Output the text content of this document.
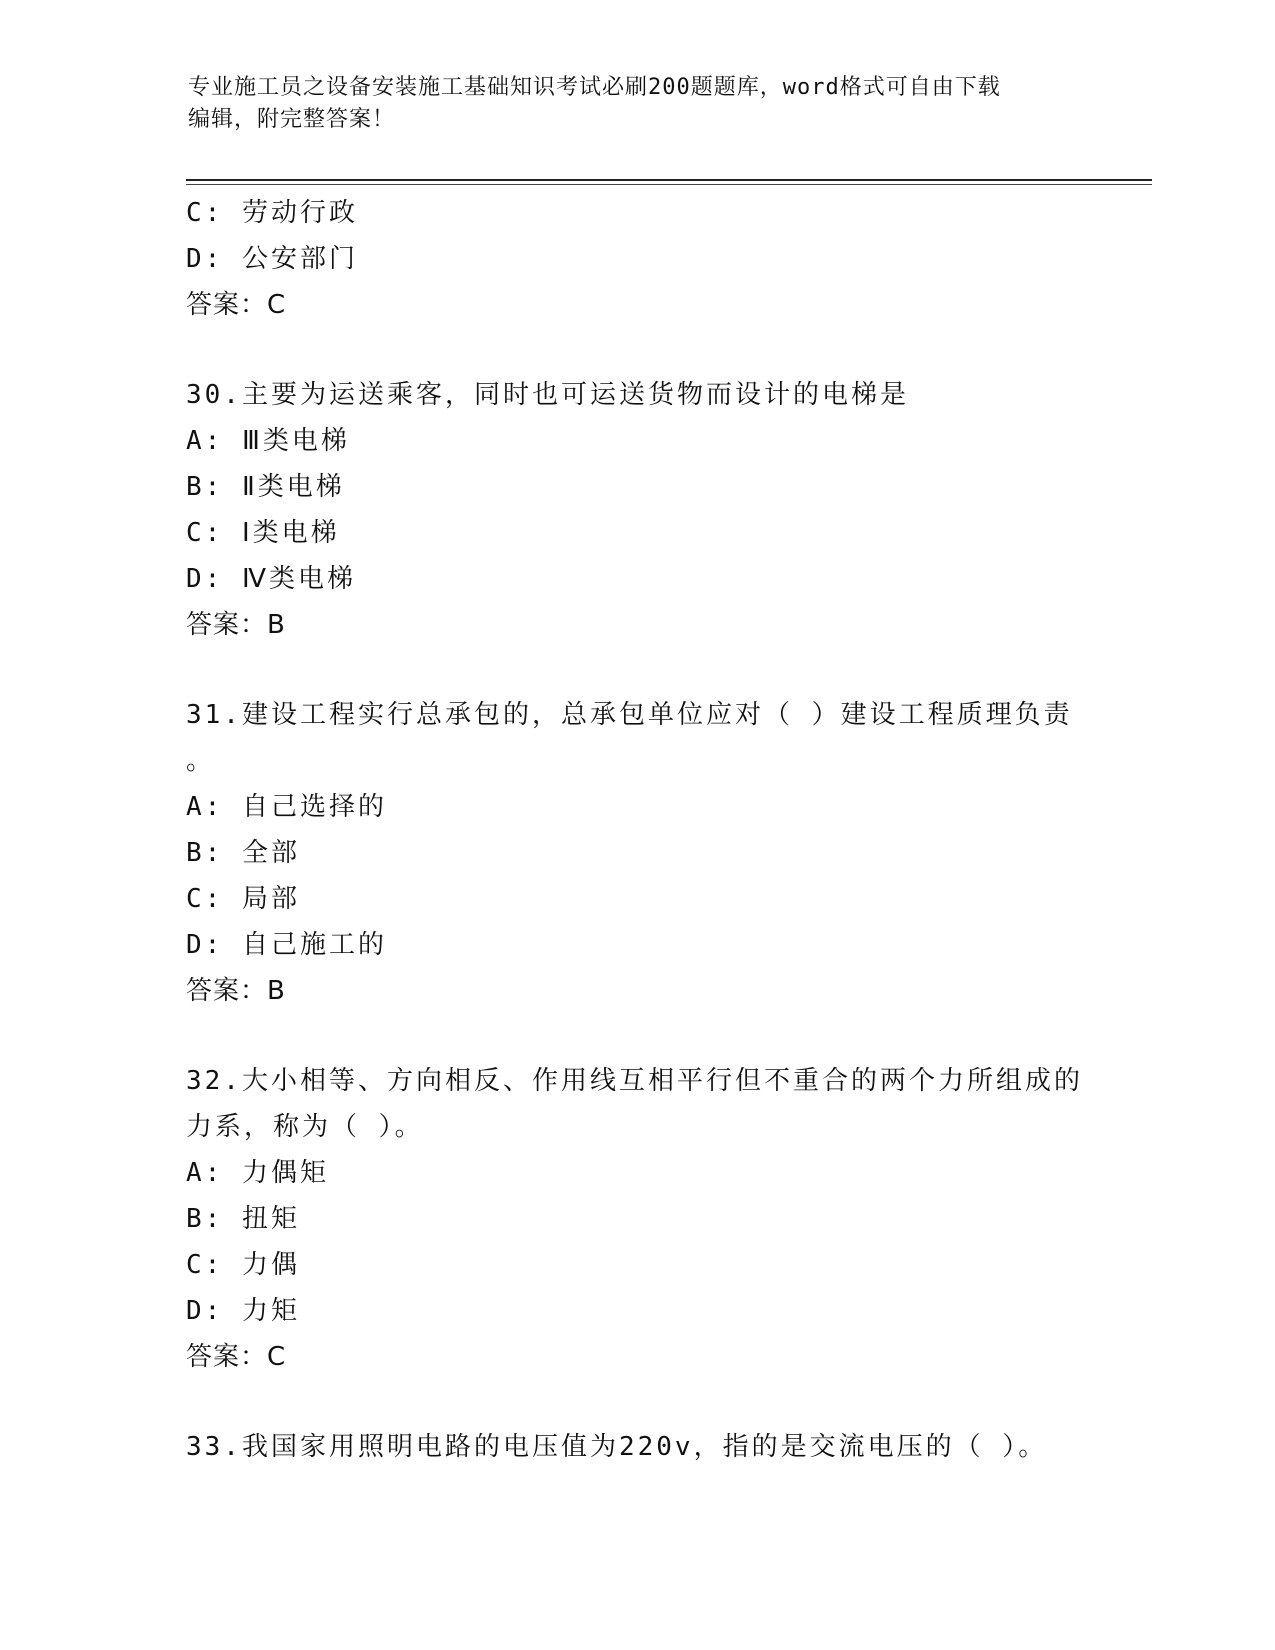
专业施工员之设备安装施工基础知识考试必刷200题题库，word格式可自由下载
编辑，附完整答案！
C: 劳动行政
D: 公安部门
答案：C
30.主要为运送乘客，同时也可运送货物而设计的电梯是
A: Ⅲ类电梯
B: Ⅱ类电梯
C: Ⅰ类电梯
D: Ⅳ类电梯
答案：B
31.建设工程实行总承包的，总承包单位应对（ ）建设工程质理负责
。
A: 自己选择的
B: 全部
C: 局部
D: 自己施工的
答案：B
32.大小相等、方向相反、作用线互相平行但不重合的两个力所组成的
力系，称为（ ）。
A: 力偶矩
B: 扭矩
C: 力偶
D: 力矩
答案：C
33.我国家用照明电路的电压值为220v，指的是交流电压的（ ）。
